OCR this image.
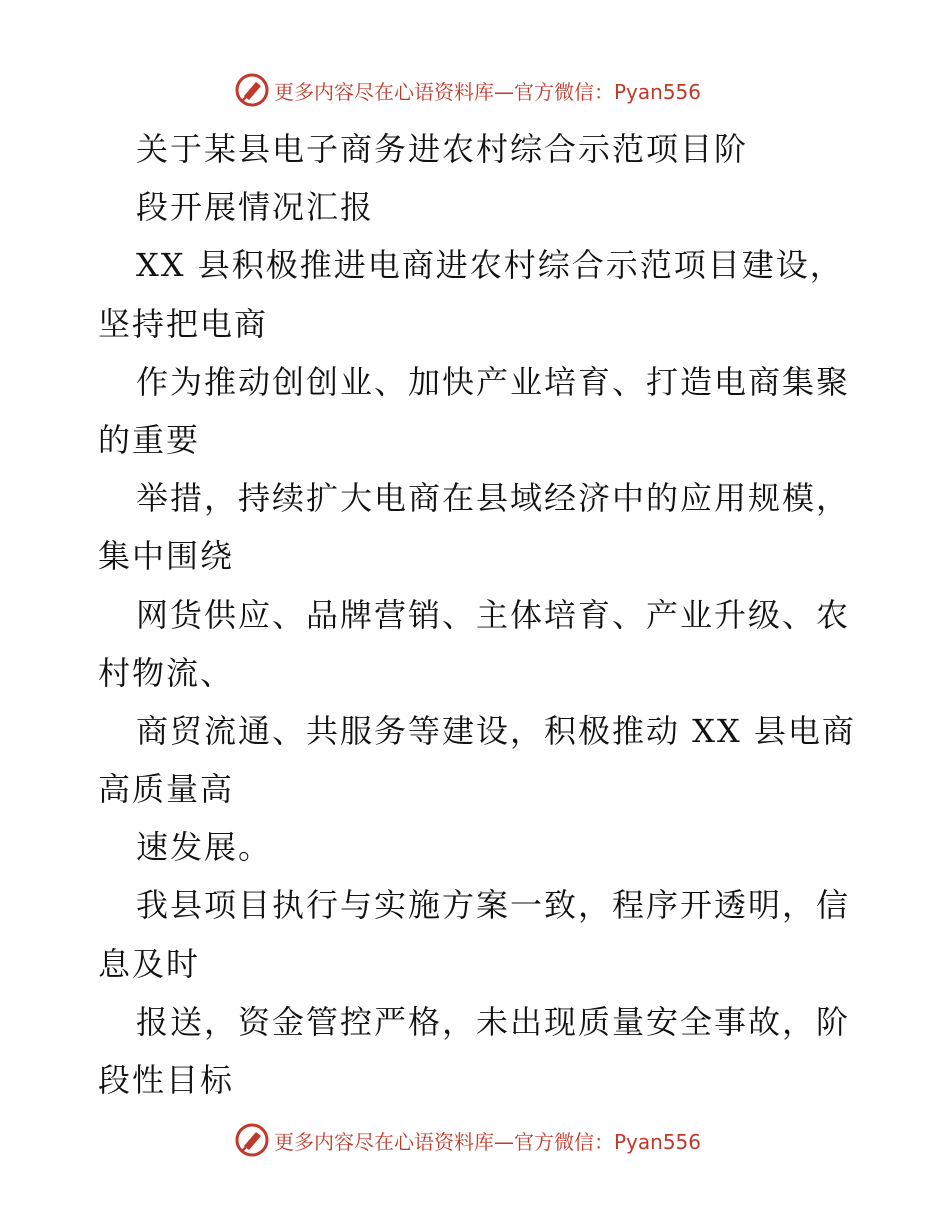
更多内容尽在心语资料库—官方微信：Pyan556
关于某县电子商务进农村综合示范项目阶
段开展情况汇报
XX 县积极推进电商进农村综合示范项目建设，
坚持把电商
作为推动创创业、加快产业培育、打造电商集聚
的重要
举措，持续扩大电商在县域经济中的应用规模，
集中围绕
网货供应、品牌营销、主体培育、产业升级、农
村物流、
商贸流通、共服务等建设，积极推动 XX 县电商
高质量高
速发展。
我县项目执行与实施方案一致，程序开透明，信
息及时
报送，资金管控严格，未出现质量安全事故，阶
段性目标
更多内容尽在心语资料库—官方微信：Pyan556
